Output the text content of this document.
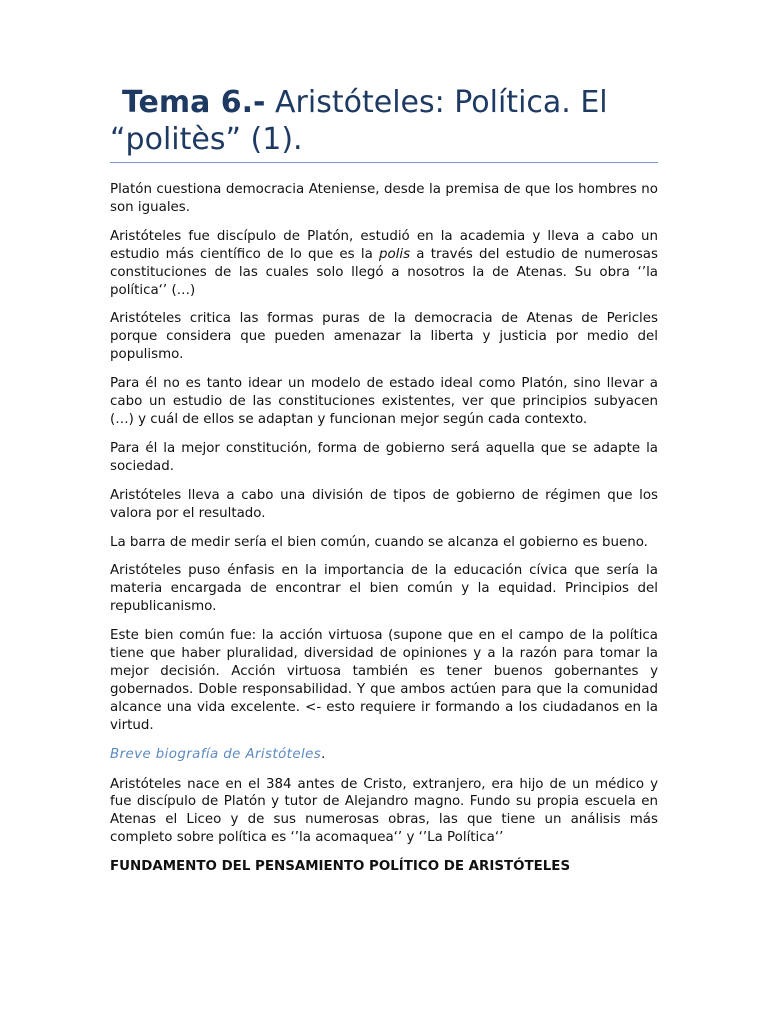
Tema 6.- Aristóteles: Política. El “politès” (1).

Platón cuestiona democracia Ateniense, desde la premisa de que los hombres no son iguales.

Aristóteles fue discípulo de Platón, estudió en la academia y lleva a cabo un estudio más científico de lo que es la polis a través del estudio de numerosas constituciones de las cuales solo llegó a nosotros la de Atenas. Su obra ‘’la política‘’ (…)

Aristóteles critica las formas puras de la democracia de Atenas de Pericles porque considera que pueden amenazar la liberta y justicia por medio del populismo.

Para él no es tanto idear un modelo de estado ideal como Platón, sino llevar a cabo un estudio de las constituciones existentes, ver que principios subyacen (…) y cuál de ellos se adaptan y funcionan mejor según cada contexto.

Para él la mejor constitución, forma de gobierno será aquella que se adapte la sociedad.

Aristóteles lleva a cabo una división de tipos de gobierno de régimen que los valora por el resultado.

La barra de medir sería el bien común, cuando se alcanza el gobierno es bueno.

Aristóteles puso énfasis en la importancia de la educación cívica que sería la materia encargada de encontrar el bien común y la equidad. Principios del republicanismo.

Este bien común fue: la acción virtuosa (supone que en el campo de la política tiene que haber pluralidad, diversidad de opiniones y a la razón para tomar la mejor decisión. Acción virtuosa también es tener buenos gobernantes y gobernados. Doble responsabilidad. Y que ambos actúen para que la comunidad alcance una vida excelente. <- esto requiere ir formando a los ciudadanos en la virtud.

Breve biografía de Aristóteles.

Aristóteles nace en el 384 antes de Cristo, extranjero, era hijo de un médico y fue discípulo de Platón y tutor de Alejandro magno. Fundo su propia escuela en Atenas el Liceo y de sus numerosas obras, las que tiene un análisis más completo sobre política es ‘’la acomaquea‘’ y ‘’La Política‘’

FUNDAMENTO DEL PENSAMIENTO POLÍTICO DE ARISTÓTELES
